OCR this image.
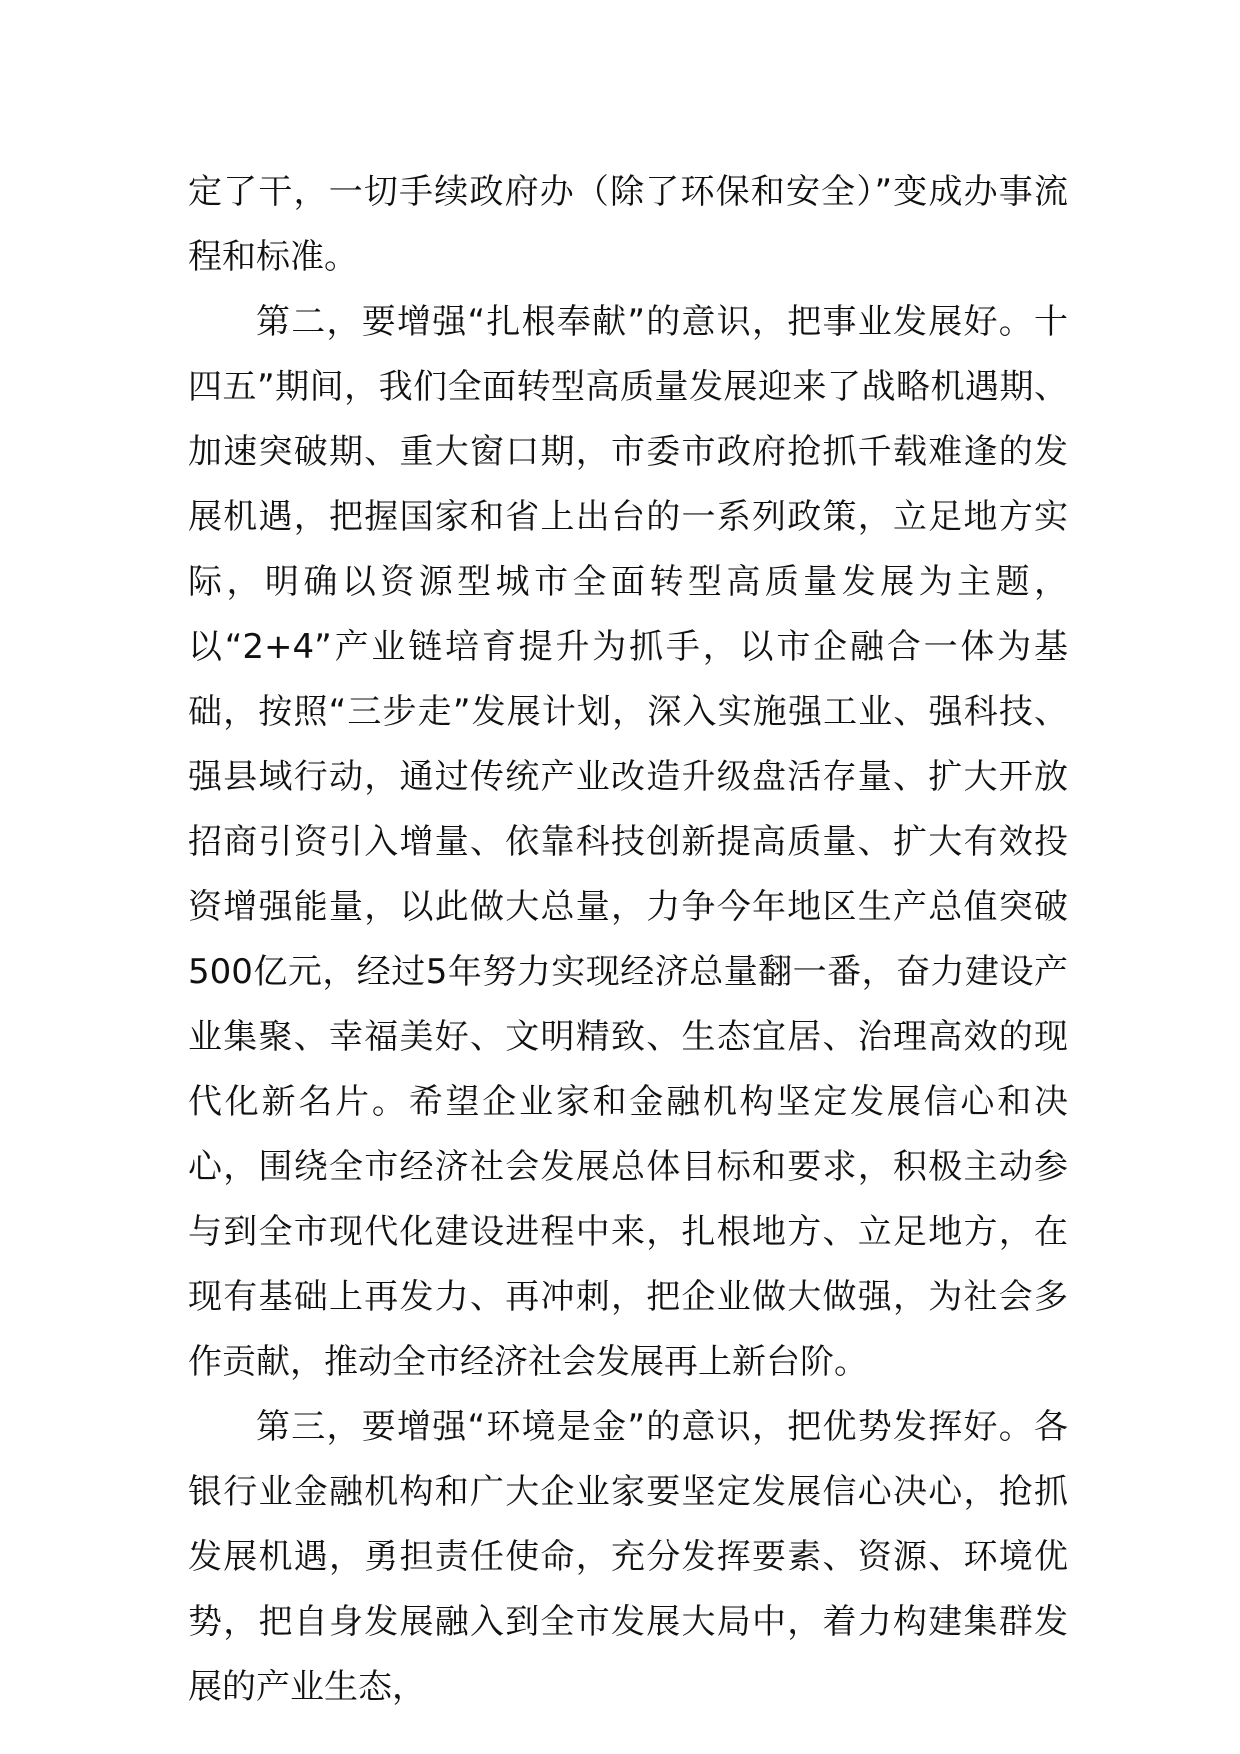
定了干，一切手续政府办（除了环保和安全）”变成办事流程和标准。

第二，要增强“扎根奉献”的意识，把事业发展好。十四五”期间，我们全面转型高质量发展迎来了战略机遇期、加速突破期、重大窗口期，市委市政府抢抓千载难逢的发展机遇，把握国家和省上出台的一系列政策，立足地方实际，明确以资源型城市全面转型高质量发展为主题，以“2+4”产业链培育提升为抓手，以市企融合一体为基础，按照“三步走”发展计划，深入实施强工业、强科技、强县域行动，通过传统产业改造升级盘活存量、扩大开放招商引资引入增量、依靠科技创新提高质量、扩大有效投资增强能量，以此做大总量，力争今年地区生产总值突破500亿元，经过5年努力实现经济总量翻一番，奋力建设产业集聚、幸福美好、文明精致、生态宜居、治理高效的现代化新名片。希望企业家和金融机构坚定发展信心和决心，围绕全市经济社会发展总体目标和要求，积极主动参与到全市现代化建设进程中来，扎根地方、立足地方，在现有基础上再发力、再冲刺，把企业做大做强，为社会多作贡献，推动全市经济社会发展再上新台阶。

第三，要增强“环境是金”的意识，把优势发挥好。各银行业金融机构和广大企业家要坚定发展信心决心，抢抓发展机遇，勇担责任使命，充分发挥要素、资源、环境优势，把自身发展融入到全市发展大局中，着力构建集群发展的产业生态，
